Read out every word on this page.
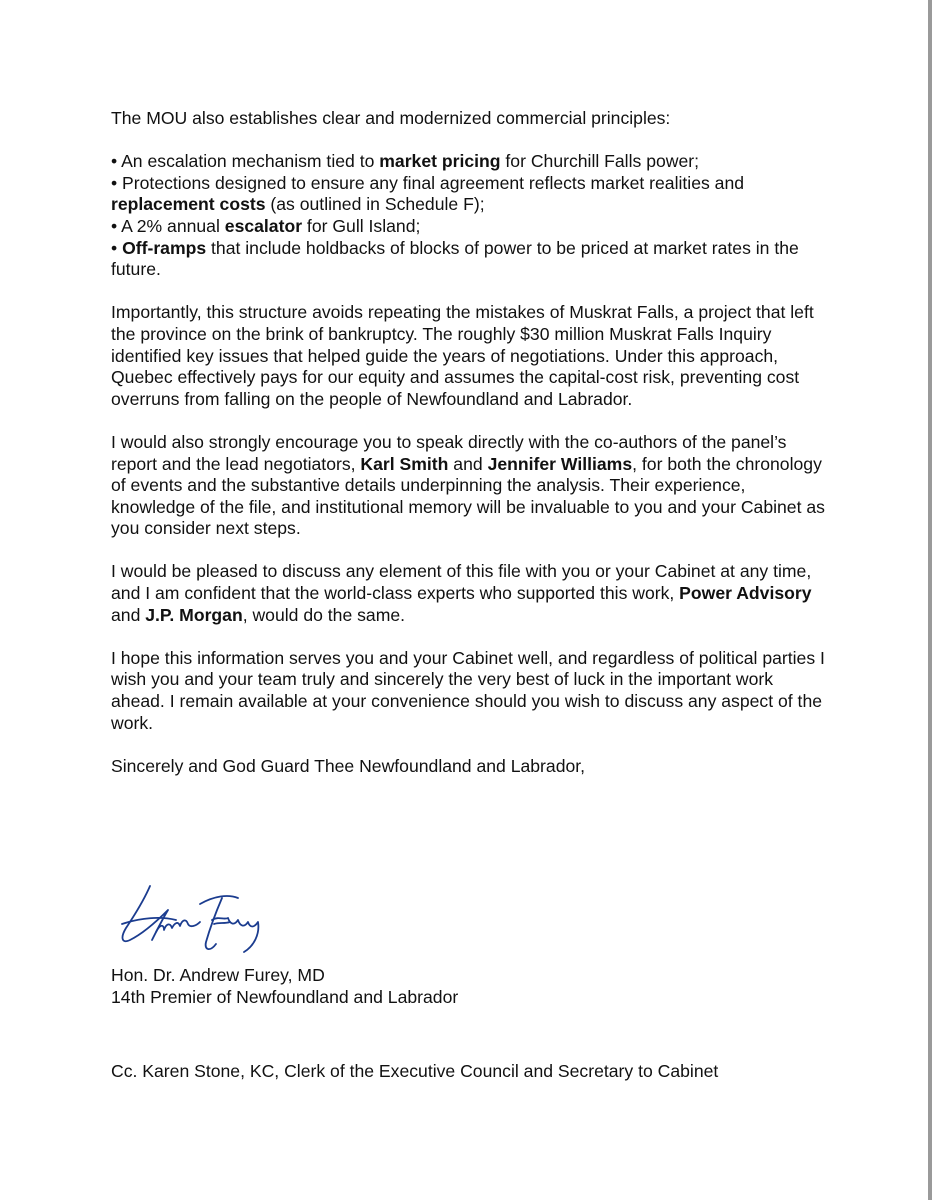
The MOU also establishes clear and modernized commercial principles:

• An escalation mechanism tied to market pricing for Churchill Falls power;
• Protections designed to ensure any final agreement reflects market realities and replacement costs (as outlined in Schedule F);
• A 2% annual escalator for Gull Island;
• Off-ramps that include holdbacks of blocks of power to be priced at market rates in the future.

Importantly, this structure avoids repeating the mistakes of Muskrat Falls, a project that left the province on the brink of bankruptcy. The roughly $30 million Muskrat Falls Inquiry identified key issues that helped guide the years of negotiations. Under this approach, Quebec effectively pays for our equity and assumes the capital-cost risk, preventing cost overruns from falling on the people of Newfoundland and Labrador.

I would also strongly encourage you to speak directly with the co-authors of the panel’s report and the lead negotiators, Karl Smith and Jennifer Williams, for both the chronology of events and the substantive details underpinning the analysis. Their experience, knowledge of the file, and institutional memory will be invaluable to you and your Cabinet as you consider next steps.

I would be pleased to discuss any element of this file with you or your Cabinet at any time, and I am confident that the world-class experts who supported this work, Power Advisory and J.P. Morgan, would do the same.

I hope this information serves you and your Cabinet well, and regardless of political parties I wish you and your team truly and sincerely the very best of luck in the important work ahead. I remain available at your convenience should you wish to discuss any aspect of the work.

Sincerely and God Guard Thee Newfoundland and Labrador,

Hon. Dr. Andrew Furey, MD
14th Premier of Newfoundland and Labrador
Cc. Karen Stone, KC, Clerk of the Executive Council and Secretary to Cabinet
